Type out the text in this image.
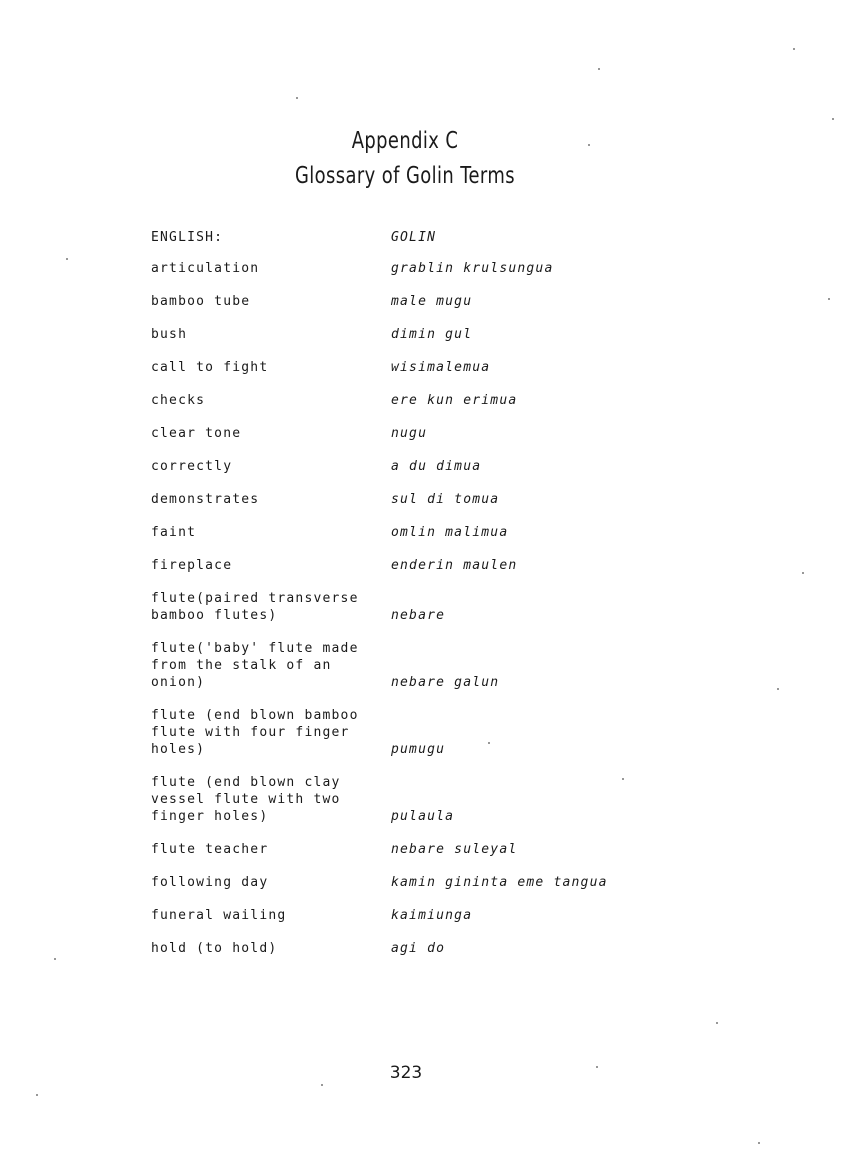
Appendix C
Glossary of Golin Terms
ENGLISH:	GOLIN
articulation	grablin krulsungua
bamboo tube	male mugu
bush	dimin gul
call to fight	wisimalemua
checks	ere kun erimua
clear tone	nugu
correctly	a du dimua
demonstrates	sul di tomua
faint	omlin malimua
fireplace	enderin maulen
flute(paired transverse
bamboo flutes)	nebare
flute('baby' flute made
from the stalk of an
onion)	nebare galun
flute (end blown bamboo
flute with four finger
holes)	pumugu
flute (end blown clay
vessel flute with two
finger holes)	pulaula
flute teacher	nebare suleyal
following day	kamin gininta eme tangua
funeral wailing	kaimiunga
hold (to hold)	agi do
323
